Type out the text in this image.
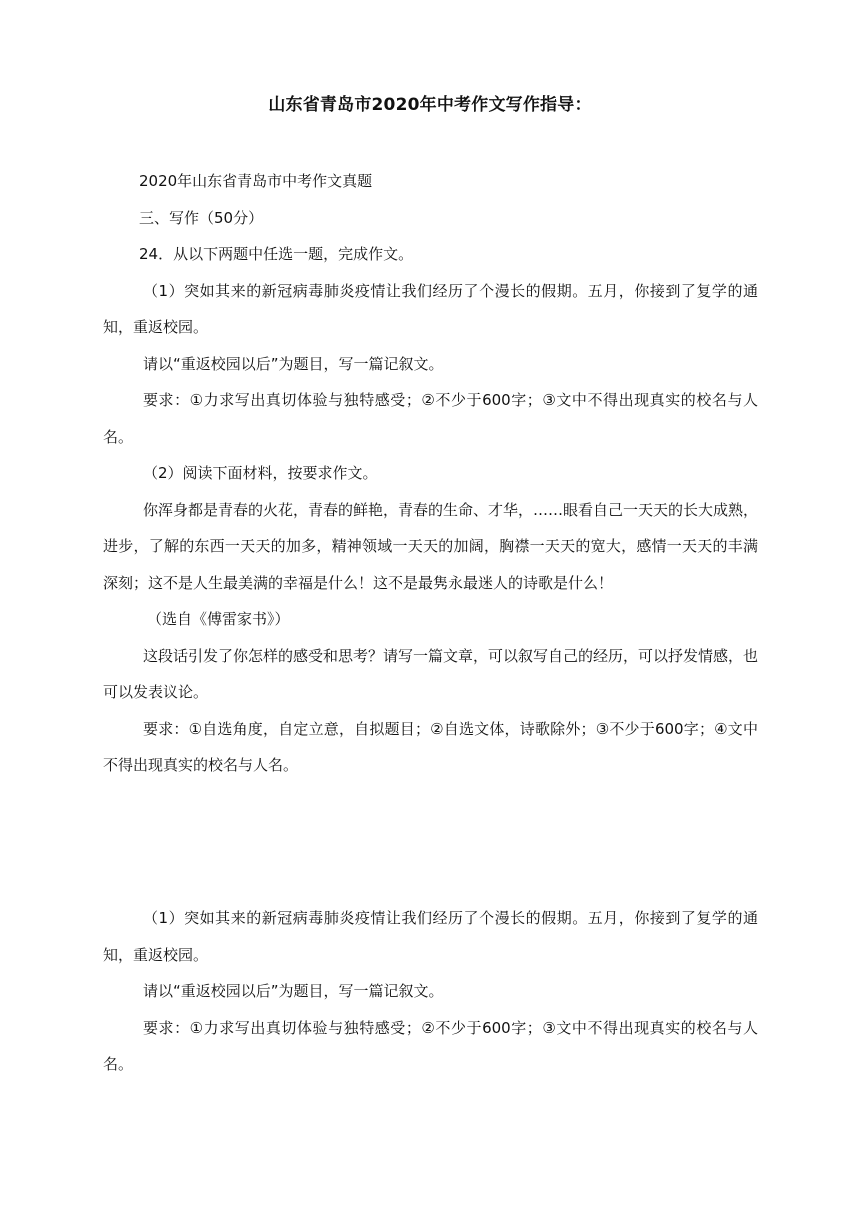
山东省青岛市2020年中考作文写作指导：

2020年山东省青岛市中考作文真题

三、写作（50分）

24．从以下两题中任选一题，完成作文。

（1）突如其来的新冠病毒肺炎疫情让我们经历了个漫长的假期。五月，你接到了复学的通知，重返校园。

请以“重返校园以后”为题目，写一篇记叙文。

要求：①力求写出真切体验与独特感受；②不少于600字；③文中不得出现真实的校名与人名。

（2）阅读下面材料，按要求作文。

你浑身都是青春的火花，青春的鲜艳，青春的生命、才华，……眼看自己一天天的长大成熟，进步，了解的东西一天天的加多，精神领域一天天的加阔，胸襟一天天的宽大，感情一天天的丰满深刻；这不是人生最美满的幸福是什么！这不是最隽永最迷人的诗歌是什么！

（选自《傅雷家书》）

这段话引发了你怎样的感受和思考？请写一篇文章，可以叙写自己的经历，可以抒发情感，也可以发表议论。

要求：①自选角度，自定立意，自拟题目；②自选文体，诗歌除外；③不少于600字；④文中不得出现真实的校名与人名。

（1）突如其来的新冠病毒肺炎疫情让我们经历了个漫长的假期。五月，你接到了复学的通知，重返校园。

请以“重返校园以后”为题目，写一篇记叙文。

要求：①力求写出真切体验与独特感受；②不少于600字；③文中不得出现真实的校名与人名。
